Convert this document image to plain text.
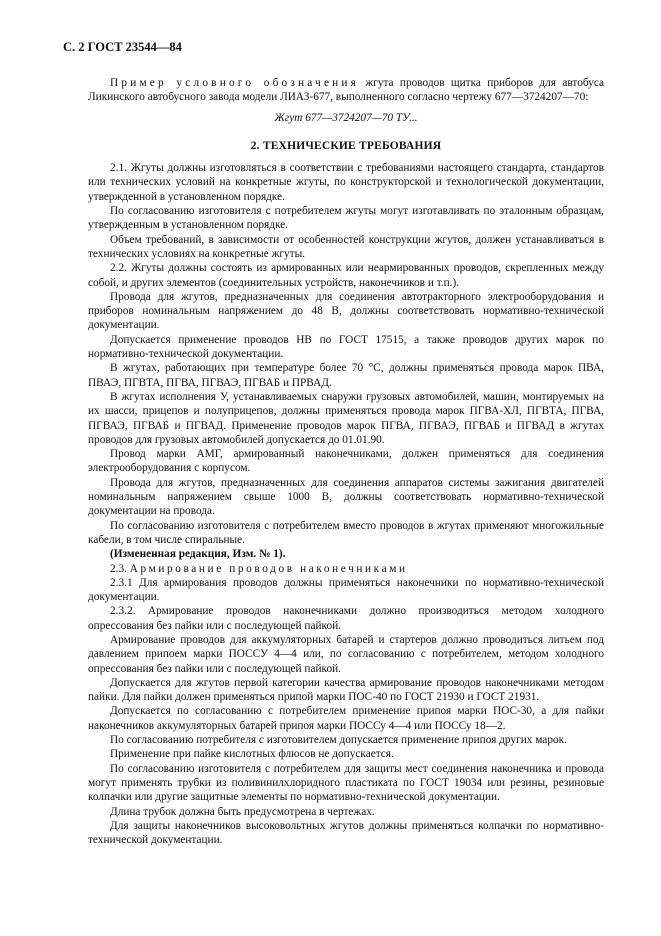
С. 2 ГОСТ 23544—84

Пример условного обозначения жгута проводов щитка приборов для автобуса Ликинского автобусного завода модели ЛИАЗ-677, выполненного согласно чертежу 677—3724207—70:

Жгут 677—3724207—70 ТУ...
2. ТЕХНИЧЕСКИЕ ТРЕБОВАНИЯ

2.1. Жгуты должны изготовляться в соответствии с требованиями настоящего стандарта, стандартов или технических условий на конкретные жгуты, по конструкторской и технологической документации, утвержденной в установленном порядке.

По согласованию изготовителя с потребителем жгуты могут изготавливать по эталонным образцам, утвержденным в установленном порядке.

Объем требований, в зависимости от особенностей конструкции жгутов, должен устанавливаться в технических условиях на конкретные жгуты.

2.2. Жгуты должны состоять из армированных или неармированных проводов, скрепленных между собой, и других элементов (соединительных устройств, наконечников и т.п.).

Провода для жгутов, предназначенных для соединения автотракторного электрооборудования и приборов номинальным напряжением до 48 В, должны соответствовать нормативно-технической документации.

Допускается применение проводов НВ по ГОСТ 17515, а также проводов других марок по нормативно-технической документации.

В жгутах, работающих при температуре более 70 °С, должны применяться провода марок ПВА, ПВАЭ, ПГВТА, ПГВА, ПГВАЭ, ПГВАБ и ПРВАД.

В жгутах исполнения У, устанавливаемых снаружи грузовых автомобилей, машин, монтируемых на их шасси, прицепов и полуприцепов, должны применяться провода марок ПГВА-ХЛ, ПГВТА, ПГВА, ПГВАЭ, ПГВАБ и ПГВАД. Применение проводов марок ПГВА, ПГВАЭ, ПГВАБ и ПГВАД в жгутах проводов для грузовых автомобилей допускается до 01.01.90.

Провод марки АМГ, армированный наконечниками, должен применяться для соединения электрооборудования с корпусом.

Провода для жгутов, предназначенных для соединения аппаратов системы зажигания двигателей номинальным напряжением свыше 1000 В, должны соответствовать нормативно-технической документации на провода.

По согласованию изготовителя с потребителем вместо проводов в жгутах применяют многожильные кабели, в том числе спиральные.

(Измененная редакция, Изм. № 1).

2.3. Армирование проводов наконечниками

2.3.1 Для армирования проводов должны применяться наконечники по нормативно-технической документации.

2.3.2. Армирование проводов наконечниками должно производиться методом холодного опрессования без пайки или с последующей пайкой.

Армирование проводов для аккумуляторных батарей и стартеров должно проводиться литьем под давлением припоем марки ПОССУ 4—4 или, по согласованию с потребителем, методом холодного опрессования без пайки или с последующей пайкой.

Допускается для жгутов первой категории качества армирование проводов наконечниками методом пайки. Для пайки должен применяться припой марки ПОС-40 по ГОСТ 21930 и ГОСТ 21931.

Допускается по согласованию с потребителем применение припоя марки ПОС-30, а для пайки наконечников аккумуляторных батарей припоя марки ПОССу 4—4 или ПОССу 18—2.

По согласованию потребителя с изготовителем допускается применение припоя других марок.

Применение при пайке кислотных флюсов не допускается.

По согласованию изготовителя с потребителем для защиты мест соединения наконечника и провода могут применять трубки из поливинилхлоридного пластиката по ГОСТ 19034 или резины, резиновые колпачки или другие защитные элементы по нормативно-технической документации.

Длина трубок должна быть предусмотрена в чертежах.

Для защиты наконечников высоковольтных жгутов должны применяться колпачки по нормативно-технической документации.
